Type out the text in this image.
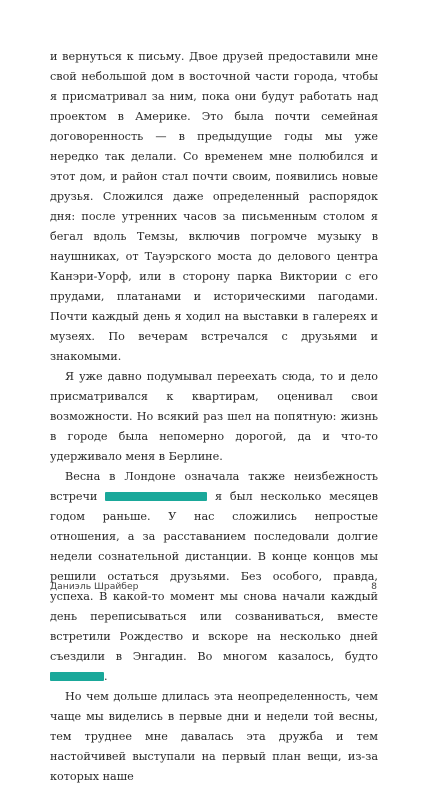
и вернуться к письму. Двое друзей предоставили мне свой небольшой дом в восточной части города, чтобы я присматривал за ним, пока они будут работать над проектом в Америке. Это была почти семейная договоренность — в предыдущие годы мы уже нередко так делали. Со временем мне полюбился и этот дом, и район стал почти своим, появились новые друзья. Сложился даже определенный распорядок дня: после утренних часов за письменным столом я бегал вдоль Темзы, включив погромче музыку в наушниках, от Тауэрского моста до делового центра Канэри-Уорф, или в сторону парка Виктории с его прудами, платанами и историческими пагодами. Почти каждый день я ходил на выставки в галереях и музеях. По вечерам встречался с друзьями и знакомыми.

Я уже давно подумывал переехать сюда, то и дело присматривался к квартирам, оценивал свои возможности. Но всякий раз шел на попятную: жизнь в городе была непомерно дорогой, да и что-то удерживало меня в Берлине.

Весна в Лондоне означала также неизбежность встречи	я был несколько месяцев годом раньше. У нас сложились непростые отношения, а за расставанием последовали долгие недели сознательной дистанции. В конце концов мы решили остаться друзьями. Без особого, правда, успеха. В какой-то момент мы снова начали каждый день переписываться или созваниваться, вместе встретили Рождество и вскоре на несколько дней съездили в Энгадин. Во многом казалось, будто .

Но чем дольше длилась эта неопределенность, чем чаще мы виделись в первые дни и недели той весны, тем труднее мне давалась эта дружба и тем настойчивей выступали на первый план вещи, из-за которых наше

Даниэль Шрайбер	8
